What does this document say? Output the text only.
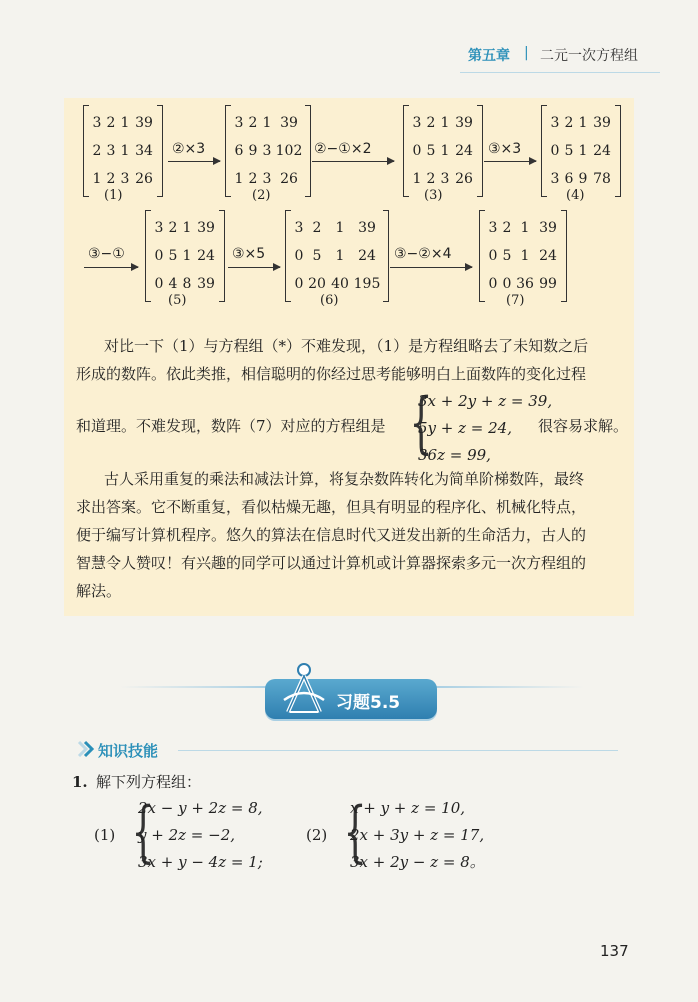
第五章 | 二元一次方程组
3 2 1 39
2 3 1 34
1 2 3 26
(1)
②×3
3 2 1 39
6 9 3 102
1 2 3 26
(2)
②−①×2
3 2 1 39
0 5 1 24
1 2 3 26
(3)
③×3
3 2 1 39
0 5 1 24
3 6 9 78
(4)
③−①
3 2 1 39
0 5 1 24
0 4 8 39
(5)
③×5
3 2	1 39
0 5	1 24
0 20 40 195
(6)
③−②×4
3 2 1 39
0 5 1 24
0 0 36 99
(7)
对比一下（1）与方程组（*）不难发现，（1）是方程组略去了未知数之后
形成的数阵。依此类推，相信聪明的你经过思考能够明白上面数阵的变化过程
和道理。不难发现，数阵（7）对应的方程组是 {
3x + 2y + z = 39,
5y + z = 24,
36z = 99,
很容易求解。
古人采用重复的乘法和减法计算，将复杂数阵转化为简单阶梯数阵，最终
求出答案。它不断重复，看似枯燥无趣，但具有明显的程序化、机械化特点，
便于编写计算机程序。悠久的算法在信息时代又迸发出新的生命活力，古人的
智慧令人赞叹！有兴趣的同学可以通过计算机或计算器探索多元一次方程组的
解法。
习题5.5
知识技能
1. 解下列方程组：
(1) {
2x − y + 2z = 8,
y + 2z = −2,
3x + y − 4z = 1;
(2) {
x + y + z = 10,
2x + 3y + z = 17,
3x + 2y − z = 8。
137
